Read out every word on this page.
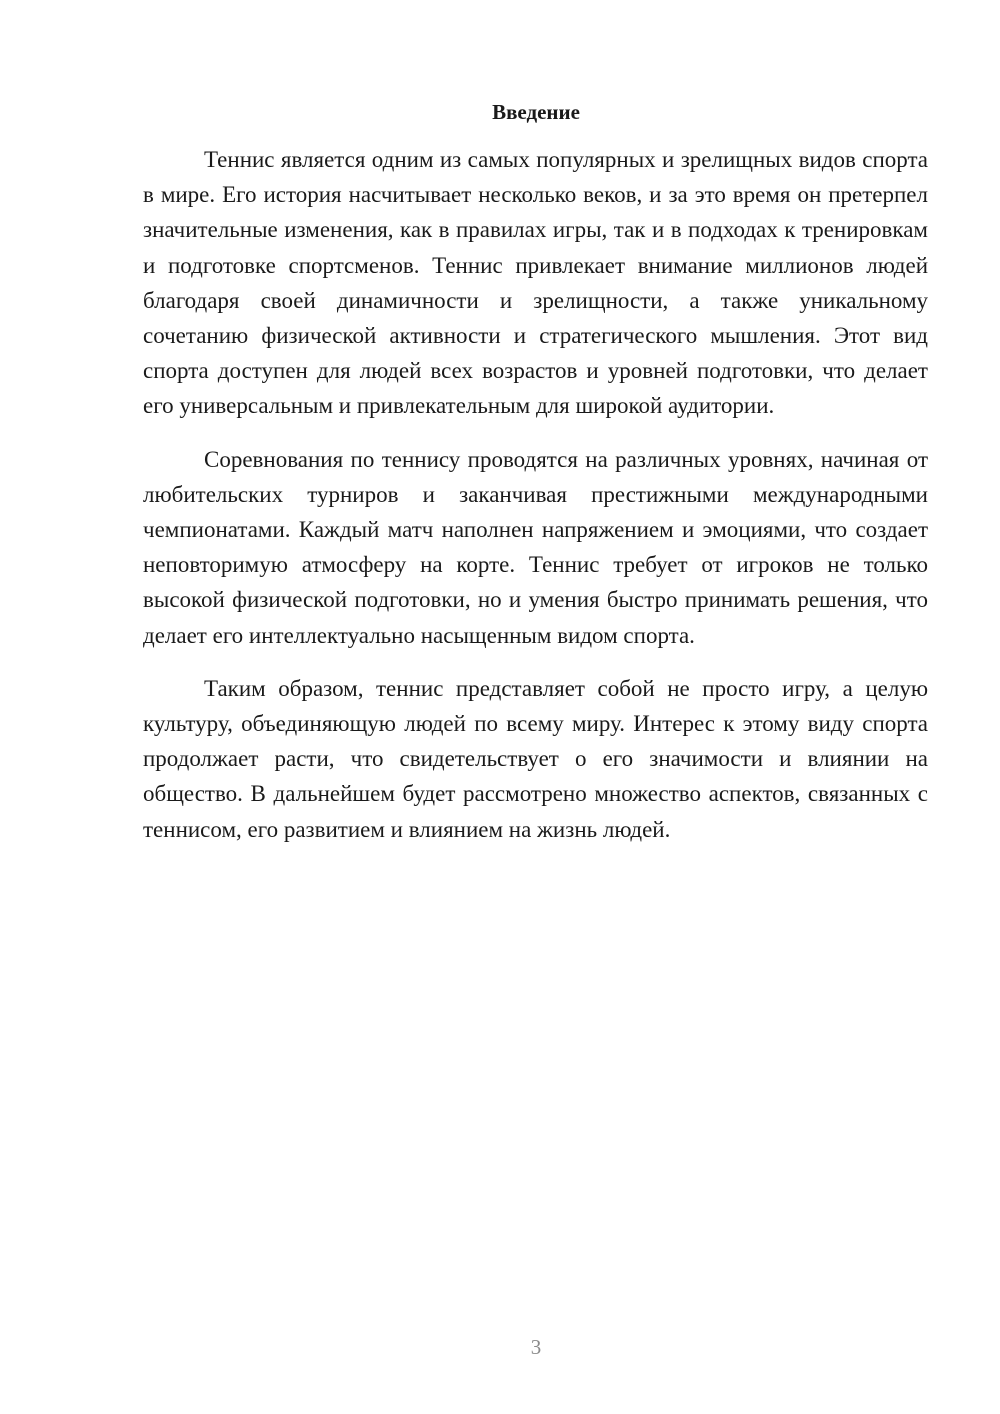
Введение

Теннис является одним из самых популярных и зрелищных видов спорта в мире. Его история насчитывает несколько веков, и за это время он претерпел значительные изменения, как в правилах игры, так и в подходах к тренировкам и подготовке спортсменов. Теннис привлекает внимание миллионов людей благодаря своей динамичности и зрелищности, а также уникальному сочетанию физической активности и стратегического мышления. Этот вид спорта доступен для людей всех возрастов и уровней подготовки, что делает его универсальным и привлекательным для широкой аудитории.

Соревнования по теннису проводятся на различных уровнях, начиная от любительских турниров и заканчивая престижными международными чемпионатами. Каждый матч наполнен напряжением и эмоциями, что создает неповторимую атмосферу на корте. Теннис требует от игроков не только высокой физической подготовки, но и умения быстро принимать решения, что делает его интеллектуально насыщенным видом спорта.

Таким образом, теннис представляет собой не просто игру, а целую культуру, объединяющую людей по всему миру. Интерес к этому виду спорта продолжает расти, что свидетельствует о его значимости и влиянии на общество. В дальнейшем будет рассмотрено множество аспектов, связанных с теннисом, его развитием и влиянием на жизнь людей.

3
